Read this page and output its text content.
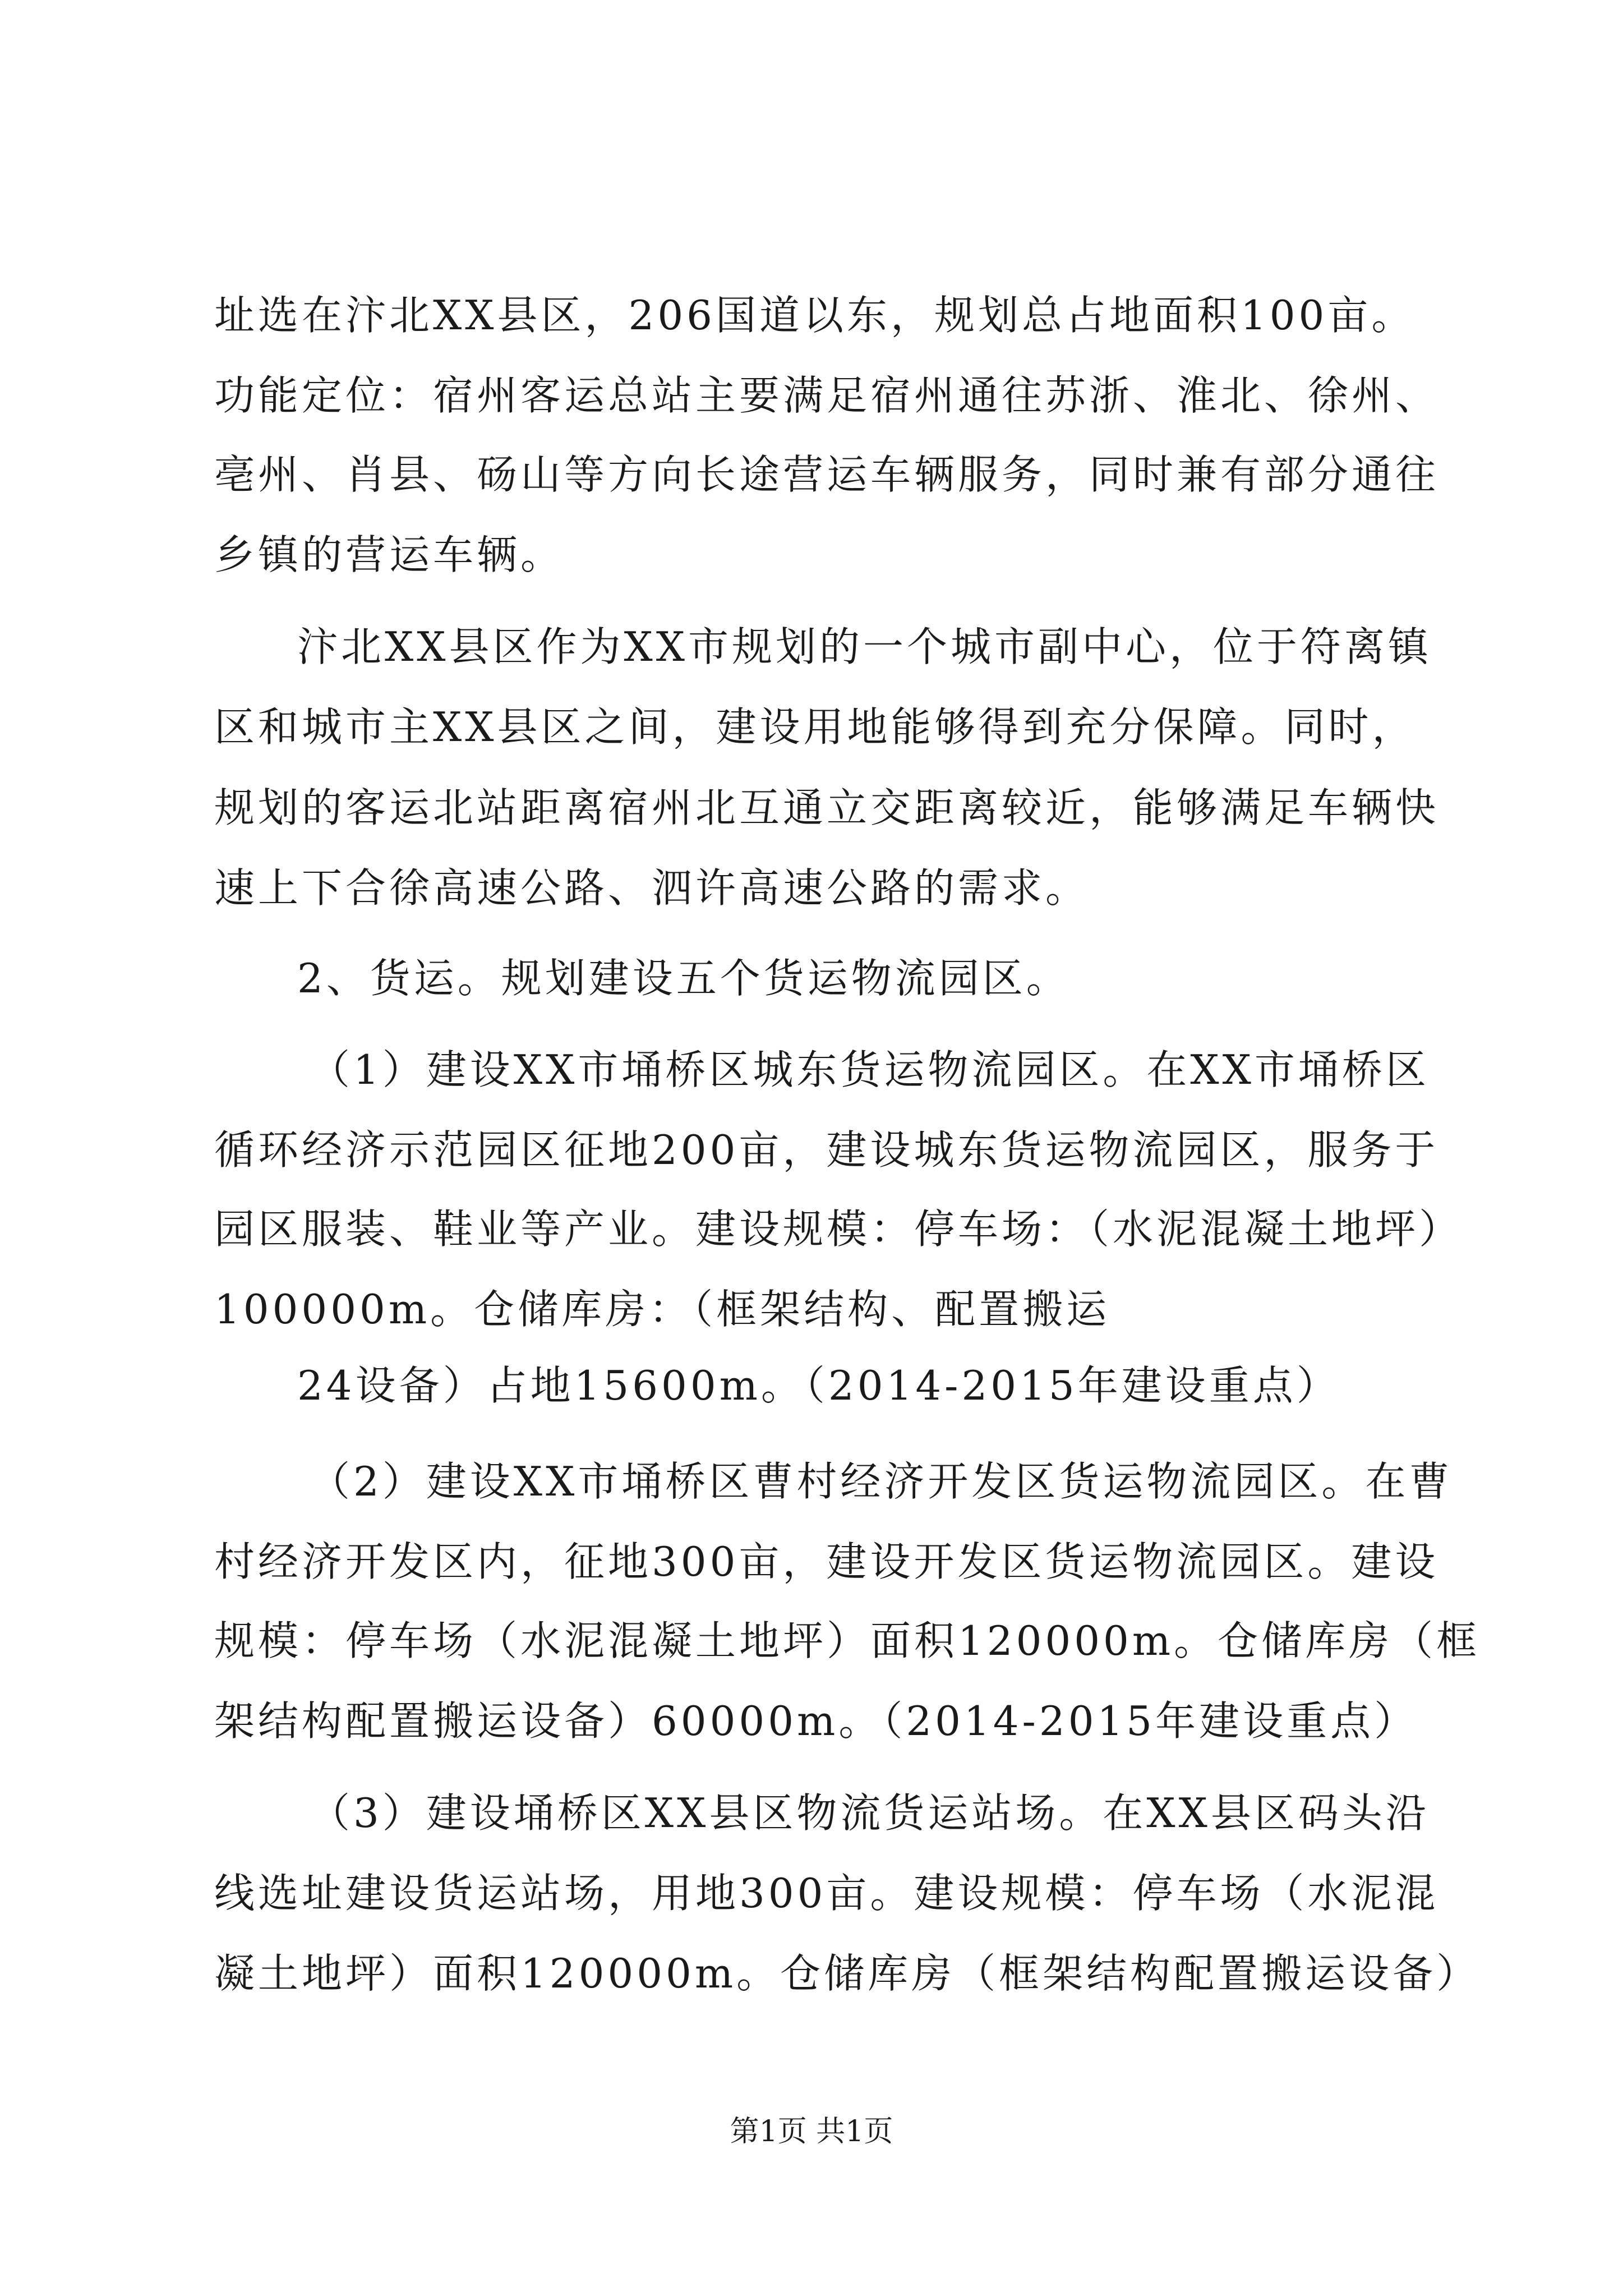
址选在汴北XX县区，206国道以东，规划总占地面积100亩。
功能定位：宿州客运总站主要满足宿州通往苏浙、淮北、徐州、
亳州、肖县、砀山等方向长途营运车辆服务，同时兼有部分通往
乡镇的营运车辆。
汴北XX县区作为XX市规划的一个城市副中心，位于符离镇
区和城市主XX县区之间，建设用地能够得到充分保障。同时，
规划的客运北站距离宿州北互通立交距离较近，能够满足车辆快
速上下合徐高速公路、泗许高速公路的需求。
2、货运。规划建设五个货运物流园区。
（1）建设XX市埇桥区城东货运物流园区。在XX市埇桥区
循环经济示范园区征地200亩，建设城东货运物流园区，服务于
园区服装、鞋业等产业。建设规模：停车场：（水泥混凝土地坪）
100000m。仓储库房：（框架结构、配置搬运
24设备）占地15600m。（2014-2015年建设重点）
（2）建设XX市埇桥区曹村经济开发区货运物流园区。在曹
村经济开发区内，征地300亩，建设开发区货运物流园区。建设
规模：停车场（水泥混凝土地坪）面积120000m。仓储库房（框
架结构配置搬运设备）60000m。（2014-2015年建设重点）
（3）建设埇桥区XX县区物流货运站场。在XX县区码头沿
线选址建设货运站场，用地300亩。建设规模：停车场（水泥混
凝土地坪）面积120000m。仓储库房（框架结构配置搬运设备）
第1页 共1页
